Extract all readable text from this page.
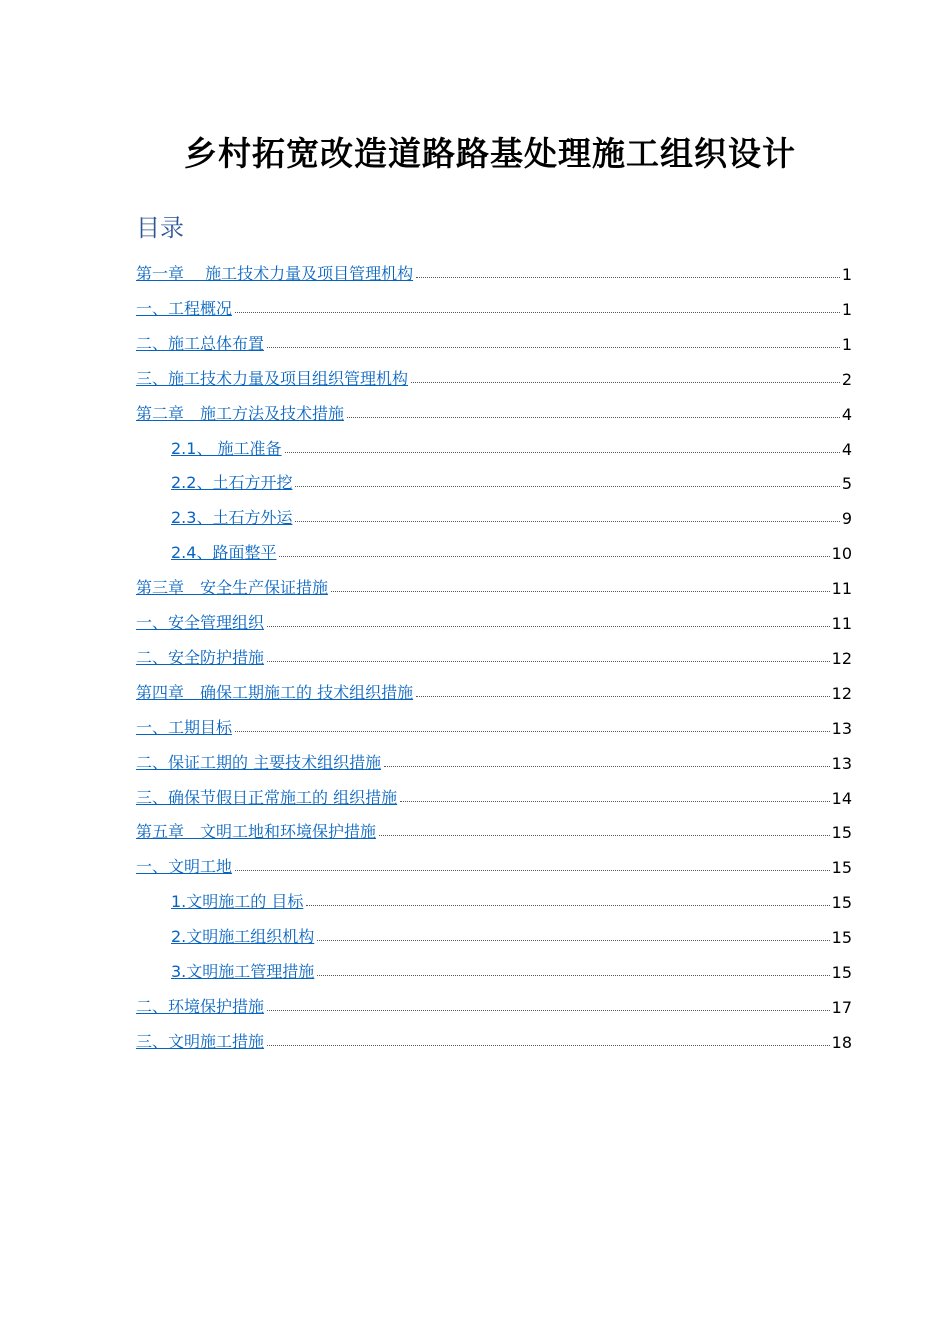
乡村拓宽改造道路路基处理施工组织设计
目录
第一章　 施工技术力量及项目管理机构	1
一、工程概况	1
二、施工总体布置	1
三、施工技术力量及项目组织管理机构	2
第二章　施工方法及技术措施	4
2.1、 施工准备	4
2.2、土石方开挖	5
2.3、土石方外运	9
2.4、路面整平	10
第三章　安全生产保证措施	11
一、安全管理组织	11
二、安全防护措施	12
第四章　确保工期施工的 技术组织措施	12
一、工期目标	13
二、保证工期的 主要技术组织措施	13
三、确保节假日正常施工的 组织措施	14
第五章　文明工地和环境保护措施	15
一、文明工地	15
1.文明施工的 目标	15
2.文明施工组织机构	15
3.文明施工管理措施	15
二、环境保护措施	17
三、文明施工措施	18
